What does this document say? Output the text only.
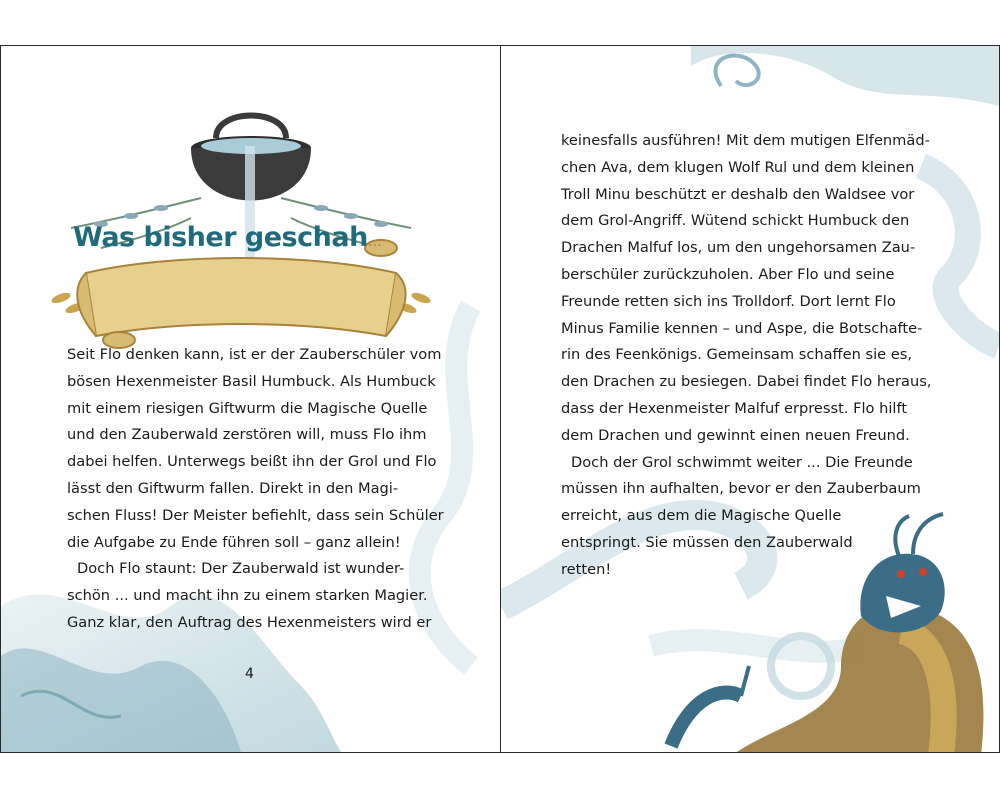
Was bisher geschah...
Seit Flo denken kann, ist er der Zauberschüler vom
bösen Hexenmeister Basil Humbuck. Als Humbuck
mit einem riesigen Giftwurm die Magische Quelle
und den Zauberwald zerstören will, muss Flo ihm
dabei helfen. Unterwegs beißt ihn der Grol und Flo
lässt den Giftwurm fallen. Direkt in den Magi-
schen Fluss! Der Meister befiehlt, dass sein Schüler
die Aufgabe zu Ende führen soll – ganz allein!
Doch Flo staunt: Der Zauberwald ist wunder-
schön ... und macht ihn zu einem starken Magier.
Ganz klar, den Auftrag des Hexenmeisters wird er
4
keinesfalls ausführen! Mit dem mutigen Elfenmäd-
chen Ava, dem klugen Wolf Rul und dem kleinen
Troll Minu beschützt er deshalb den Waldsee vor
dem Grol-Angriff. Wütend schickt Humbuck den
Drachen Malfuf los, um den ungehorsamen Zau-
berschüler zurückzuholen. Aber Flo und seine
Freunde retten sich ins Trolldorf. Dort lernt Flo
Minus Familie kennen – und Aspe, die Botschafte-
rin des Feenkönigs. Gemeinsam schaffen sie es,
den Drachen zu besiegen. Dabei findet Flo heraus,
dass der Hexenmeister Malfuf erpresst. Flo hilft
dem Drachen und gewinnt einen neuen Freund.
Doch der Grol schwimmt weiter ... Die Freunde
müssen ihn aufhalten, bevor er den Zauberbaum
erreicht, aus dem die Magische Quelle
entspringt. Sie müssen den Zauberwald
retten!
